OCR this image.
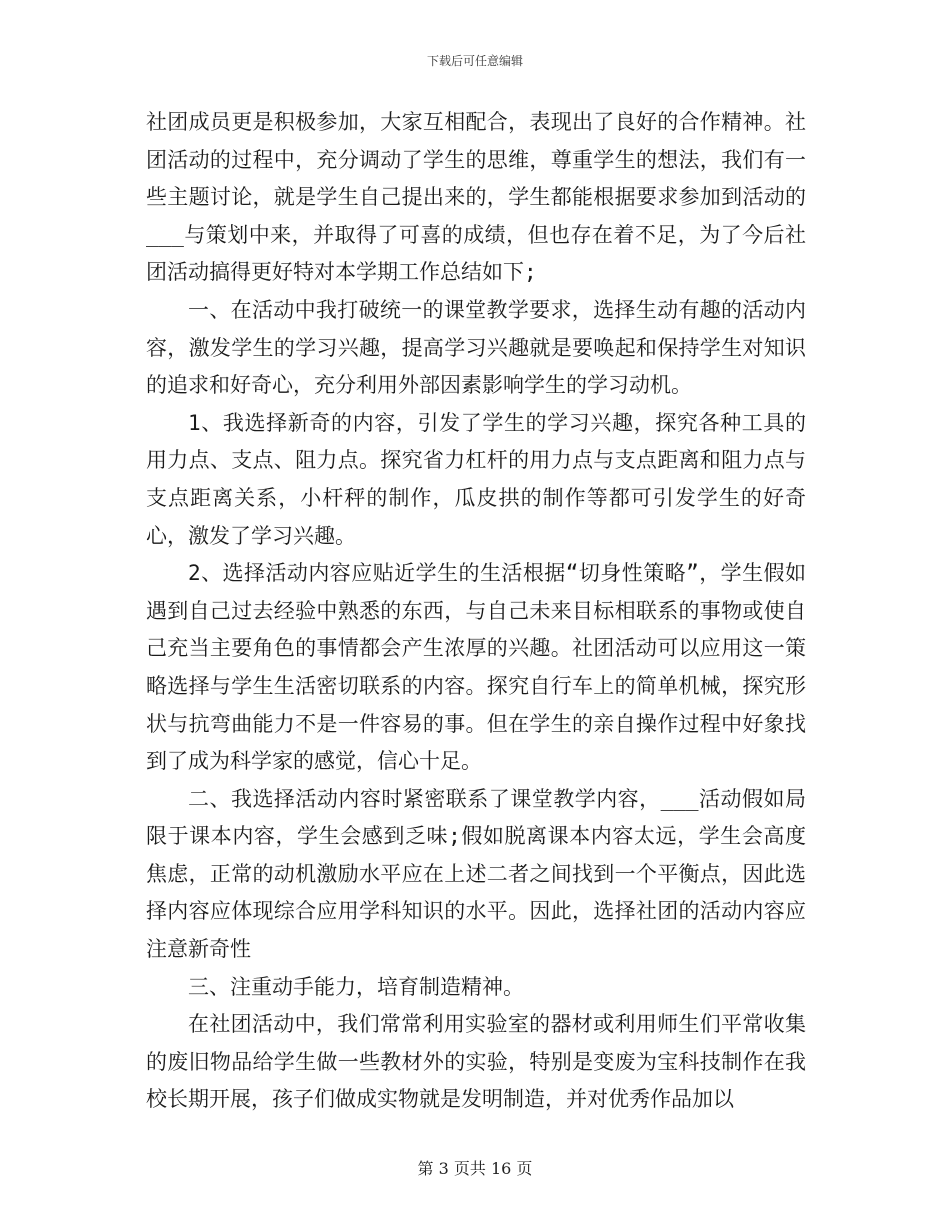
下载后可任意编辑

社团成员更是积极参加，大家互相配合，表现出了良好的合作精神。社团活动的过程中，充分调动了学生的思维，尊重学生的想法，我们有一些主题讨论，就是学生自己提出来的，学生都能根据要求参加到活动的___与策划中来，并取得了可喜的成绩，但也存在着不足，为了今后社团活动搞得更好特对本学期工作总结如下;

一、在活动中我打破统一的课堂教学要求，选择生动有趣的活动内容，激发学生的学习兴趣，提高学习兴趣就是要唤起和保持学生对知识的追求和好奇心，充分利用外部因素影响学生的学习动机。

1、我选择新奇的内容，引发了学生的学习兴趣，探究各种工具的用力点、支点、阻力点。探究省力杠杆的用力点与支点距离和阻力点与支点距离关系，小杆秤的制作，瓜皮拱的制作等都可引发学生的好奇心，激发了学习兴趣。

2、选择活动内容应贴近学生的生活根据“切身性策略”，学生假如遇到自己过去经验中熟悉的东西，与自己未来目标相联系的事物或使自己充当主要角色的事情都会产生浓厚的兴趣。社团活动可以应用这一策略选择与学生生活密切联系的内容。探究自行车上的简单机械，探究形状与抗弯曲能力不是一件容易的事。但在学生的亲自操作过程中好象找到了成为科学家的感觉，信心十足。

二、我选择活动内容时紧密联系了课堂教学内容，___活动假如局限于课本内容，学生会感到乏味;假如脱离课本内容太远，学生会高度焦虑，正常的动机激励水平应在上述二者之间找到一个平衡点，因此选择内容应体现综合应用学科知识的水平。因此，选择社团的活动内容应注意新奇性

三、注重动手能力，培育制造精神。

在社团活动中，我们常常利用实验室的器材或利用师生们平常收集的废旧物品给学生做一些教材外的实验，特别是变废为宝科技制作在我校长期开展，孩子们做成实物就是发明制造，并对优秀作品加以

第 3 页共 16 页
